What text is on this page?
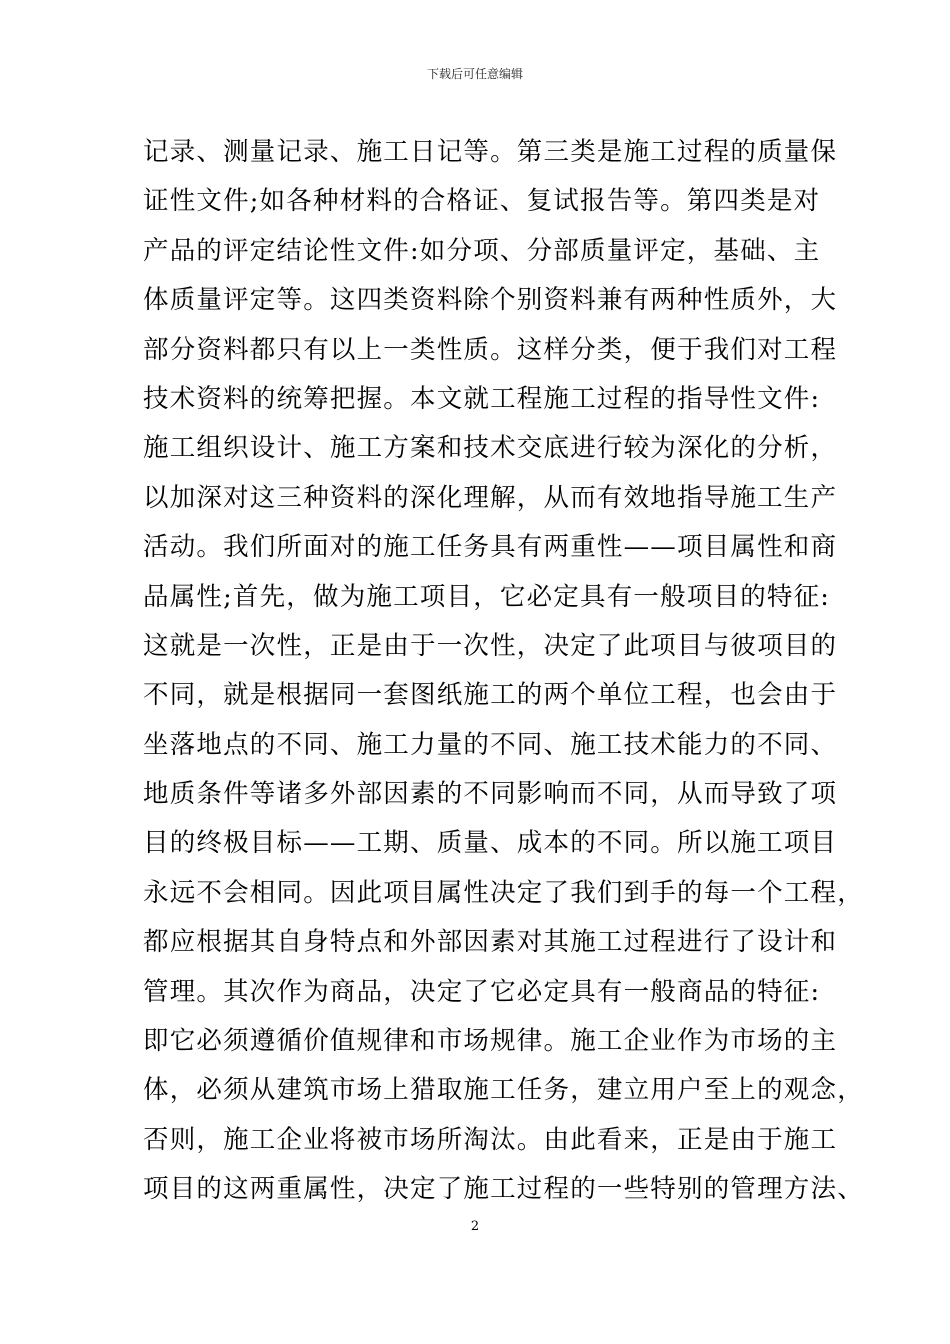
下载后可任意编辑
记录、测量记录、施工日记等。第三类是施工过程的质量保
证性文件;如各种材料的合格证、复试报告等。第四类是对
产品的评定结论性文件:如分项、分部质量评定，基础、主
体质量评定等。这四类资料除个别资料兼有两种性质外，大
部分资料都只有以上一类性质。这样分类，便于我们对工程
技术资料的统筹把握。本文就工程施工过程的指导性文件:
施工组织设计、施工方案和技术交底进行较为深化的分析，
以加深对这三种资料的深化理解，从而有效地指导施工生产
活动。我们所面对的施工任务具有两重性——项目属性和商
品属性;首先，做为施工项目，它必定具有一般项目的特征:
这就是一次性，正是由于一次性，决定了此项目与彼项目的
不同，就是根据同一套图纸施工的两个单位工程，也会由于
坐落地点的不同、施工力量的不同、施工技术能力的不同、
地质条件等诸多外部因素的不同影响而不同，从而导致了项
目的终极目标——工期、质量、成本的不同。所以施工项目
永远不会相同。因此项目属性决定了我们到手的每一个工程，
都应根据其自身特点和外部因素对其施工过程进行了设计和
管理。其次作为商品，决定了它必定具有一般商品的特征:
即它必须遵循价值规律和市场规律。施工企业作为市场的主
体，必须从建筑市场上猎取施工任务，建立用户至上的观念，
否则，施工企业将被市场所淘汰。由此看来，正是由于施工
项目的这两重属性，决定了施工过程的一些特别的管理方法、
2
